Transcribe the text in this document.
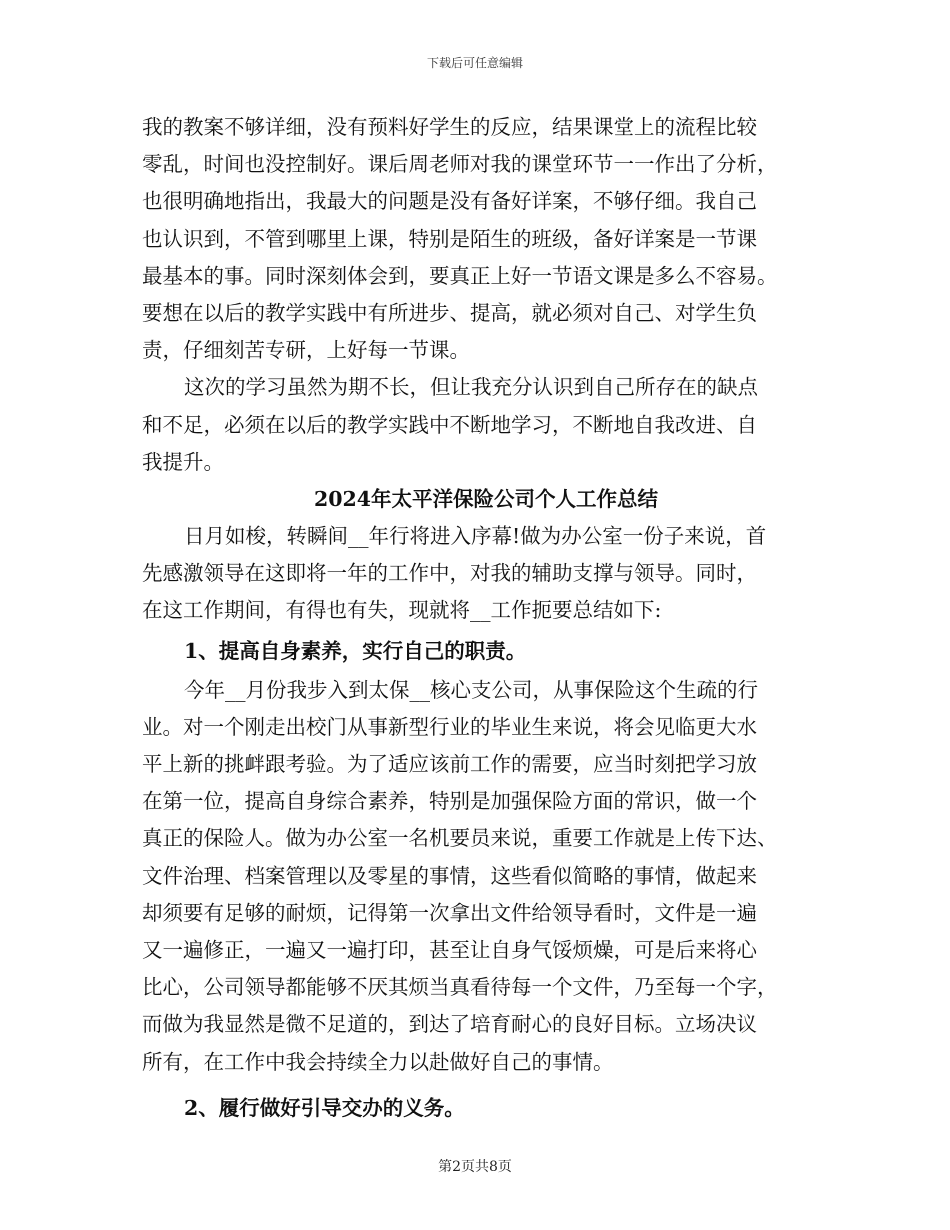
下载后可任意编辑
我的教案不够详细，没有预料好学生的反应，结果课堂上的流程比较
零乱，时间也没控制好。课后周老师对我的课堂环节一一作出了分析，
也很明确地指出，我最大的问题是没有备好详案，不够仔细。我自己
也认识到，不管到哪里上课，特别是陌生的班级，备好详案是一节课
最基本的事。同时深刻体会到，要真正上好一节语文课是多么不容易。
要想在以后的教学实践中有所进步、提高，就必须对自己、对学生负
责，仔细刻苦专研，上好每一节课。
这次的学习虽然为期不长，但让我充分认识到自己所存在的缺点
和不足，必须在以后的教学实践中不断地学习，不断地自我改进、自
我提升。
2024年太平洋保险公司个人工作总结
日月如梭，转瞬间__年行将进入序幕!做为办公室一份子来说，首
先感激领导在这即将一年的工作中，对我的辅助支撑与领导。同时，
在这工作期间，有得也有失，现就将__工作扼要总结如下:
1、提高自身素养，实行自己的职责。
今年__月份我步入到太保__核心支公司，从事保险这个生疏的行
业。对一个刚走出校门从事新型行业的毕业生来说，将会见临更大水
平上新的挑衅跟考验。为了适应该前工作的需要，应当时刻把学习放
在第一位，提高自身综合素养，特别是加强保险方面的常识，做一个
真正的保险人。做为办公室一名机要员来说，重要工作就是上传下达、
文件治理、档案管理以及零星的事情，这些看似简略的事情，做起来
却须要有足够的耐烦，记得第一次拿出文件给领导看时，文件是一遍
又一遍修正，一遍又一遍打印，甚至让自身气馁烦燥，可是后来将心
比心，公司领导都能够不厌其烦当真看待每一个文件，乃至每一个字，
而做为我显然是微不足道的，到达了培育耐心的良好目标。立场决议
所有，在工作中我会持续全力以赴做好自己的事情。
2、履行做好引导交办的义务。
第2页共8页
